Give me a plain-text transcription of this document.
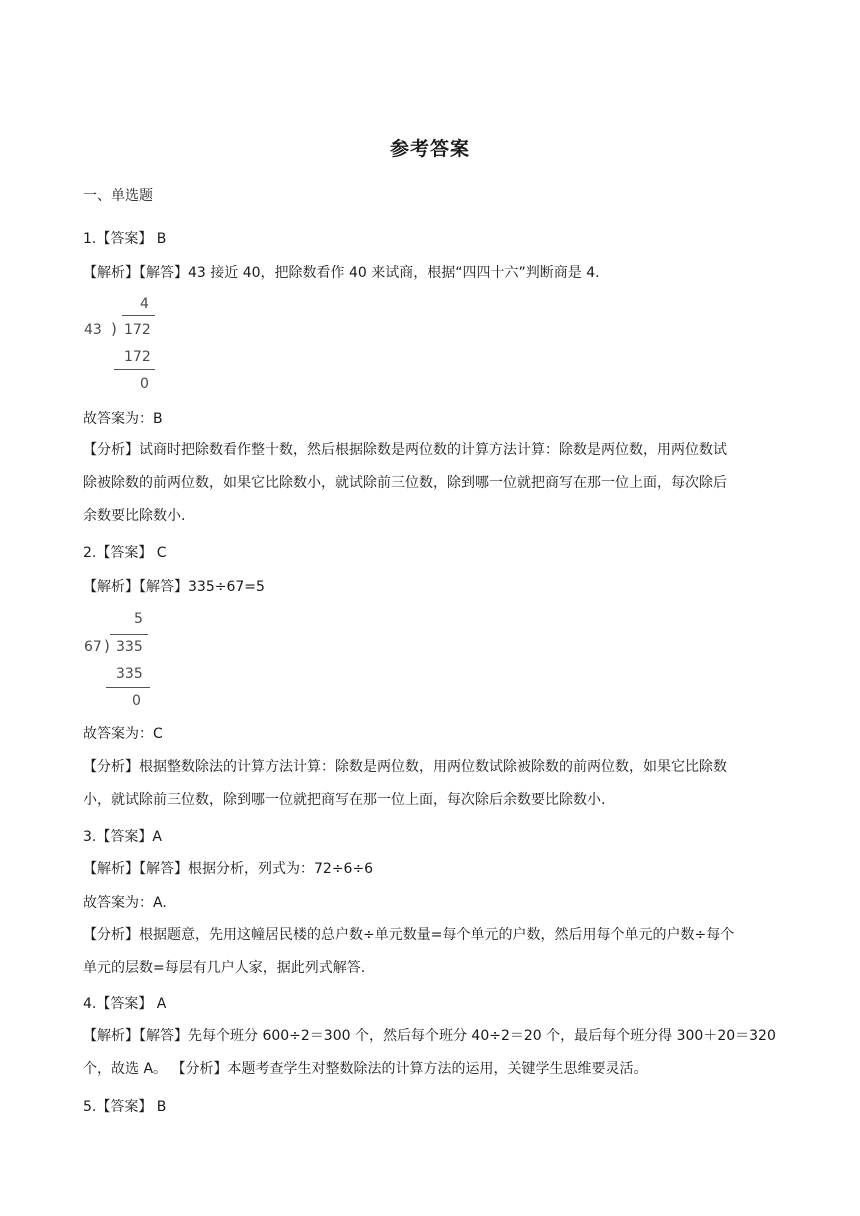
参考答案
一、单选题
1.【答案】 B
【解析】【解答】43 接近 40，把除数看作 40 来试商，根据“四四十六”判断商是 4.
4
43 ) 172
172
0
故答案为：B
【分析】试商时把除数看作整十数，然后根据除数是两位数的计算方法计算：除数是两位数，用两位数试
除被除数的前两位数，如果它比除数小，就试除前三位数，除到哪一位就把商写在那一位上面，每次除后
余数要比除数小.
2.【答案】 C
【解析】【解答】335÷67=5
5
67 ) 335
335
0
故答案为：C
【分析】根据整数除法的计算方法计算：除数是两位数，用两位数试除被除数的前两位数，如果它比除数
小，就试除前三位数，除到哪一位就把商写在那一位上面，每次除后余数要比除数小.
3.【答案】A
【解析】【解答】根据分析，列式为：72÷6÷6
故答案为：A.
【分析】根据题意，先用这幢居民楼的总户数÷单元数量=每个单元的户数，然后用每个单元的户数÷每个
单元的层数=每层有几户人家，据此列式解答.
4.【答案】 A
【解析】【解答】先每个班分 600÷2＝300 个，然后每个班分 40÷2＝20 个，最后每个班分得 300＋20＝320
个，故选 A。 【分析】本题考查学生对整数除法的计算方法的运用，关键学生思维要灵活。
5.【答案】 B
